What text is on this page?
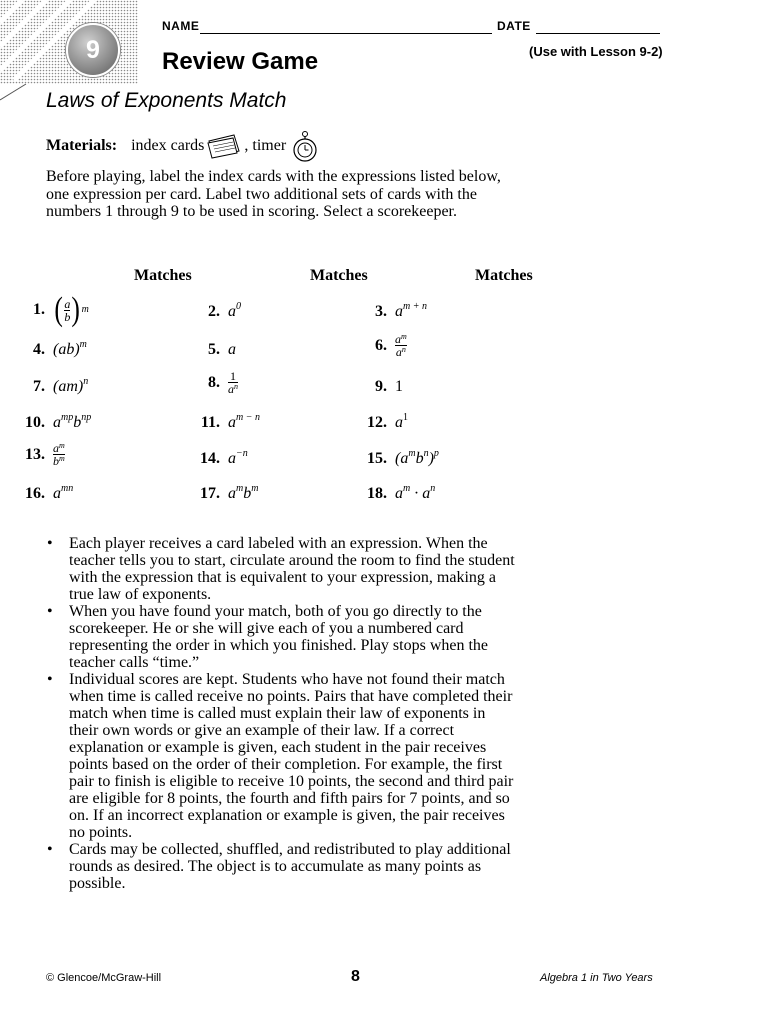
9
NAME	DATE
(Use with Lesson 9-2)
Review Game
Laws of Exponents Match
Materials: index cards	, timer

Before playing, label the index cards with the expressions listed below, one expression per card. Label two additional sets of cards with the numbers 1 through 9 to be used in scoring. Select a scorekeeper.

Matches	Matches	Matches
1. ( $\frac{a}{b}$ ) m	2. $a^0$	3. $a^{m + n}$
4. (ab)$^m$	5. a	6. $\frac{a^m}{a^n}$
7. (am)$^n$	8. $\frac{1}{a^n}$	9. 1
10. $a^{mp}b^{np}$	11. $a^{m - n}$	12. $a^1$
13. $\frac{a^m}{b^m}$	14. $a^{-n}$	15. $(a^mb^n)^p$
16. $a^{mn}$	17. $a^mb^m$	18. $a^m \cdot a^n$
• Each player receives a card labeled with an expression. When the teacher tells you to start, circulate around the room to find the student with the expression that is equivalent to your expression, making a true law of exponents.
• When you have found your match, both of you go directly to the scorekeeper. He or she will give each of you a numbered card representing the order in which you finished. Play stops when the teacher calls “time.”
• Individual scores are kept. Students who have not found their match when time is called receive no points. Pairs that have completed their match when time is called must explain their law of exponents in their own words or give an example of their law. If a correct explanation or example is given, each student in the pair receives points based on the order of their completion. For example, the first pair to finish is eligible to receive 10 points, the second and third pair are eligible for 8 points, the fourth and fifth pairs for 7 points, and so on. If an incorrect explanation or example is given, the pair receives no points.
• Cards may be collected, shuffled, and redistributed to play additional rounds as desired. The object is to accumulate as many points as possible.
© Glencoe/McGraw-Hill	8	Algebra 1 in Two Years
